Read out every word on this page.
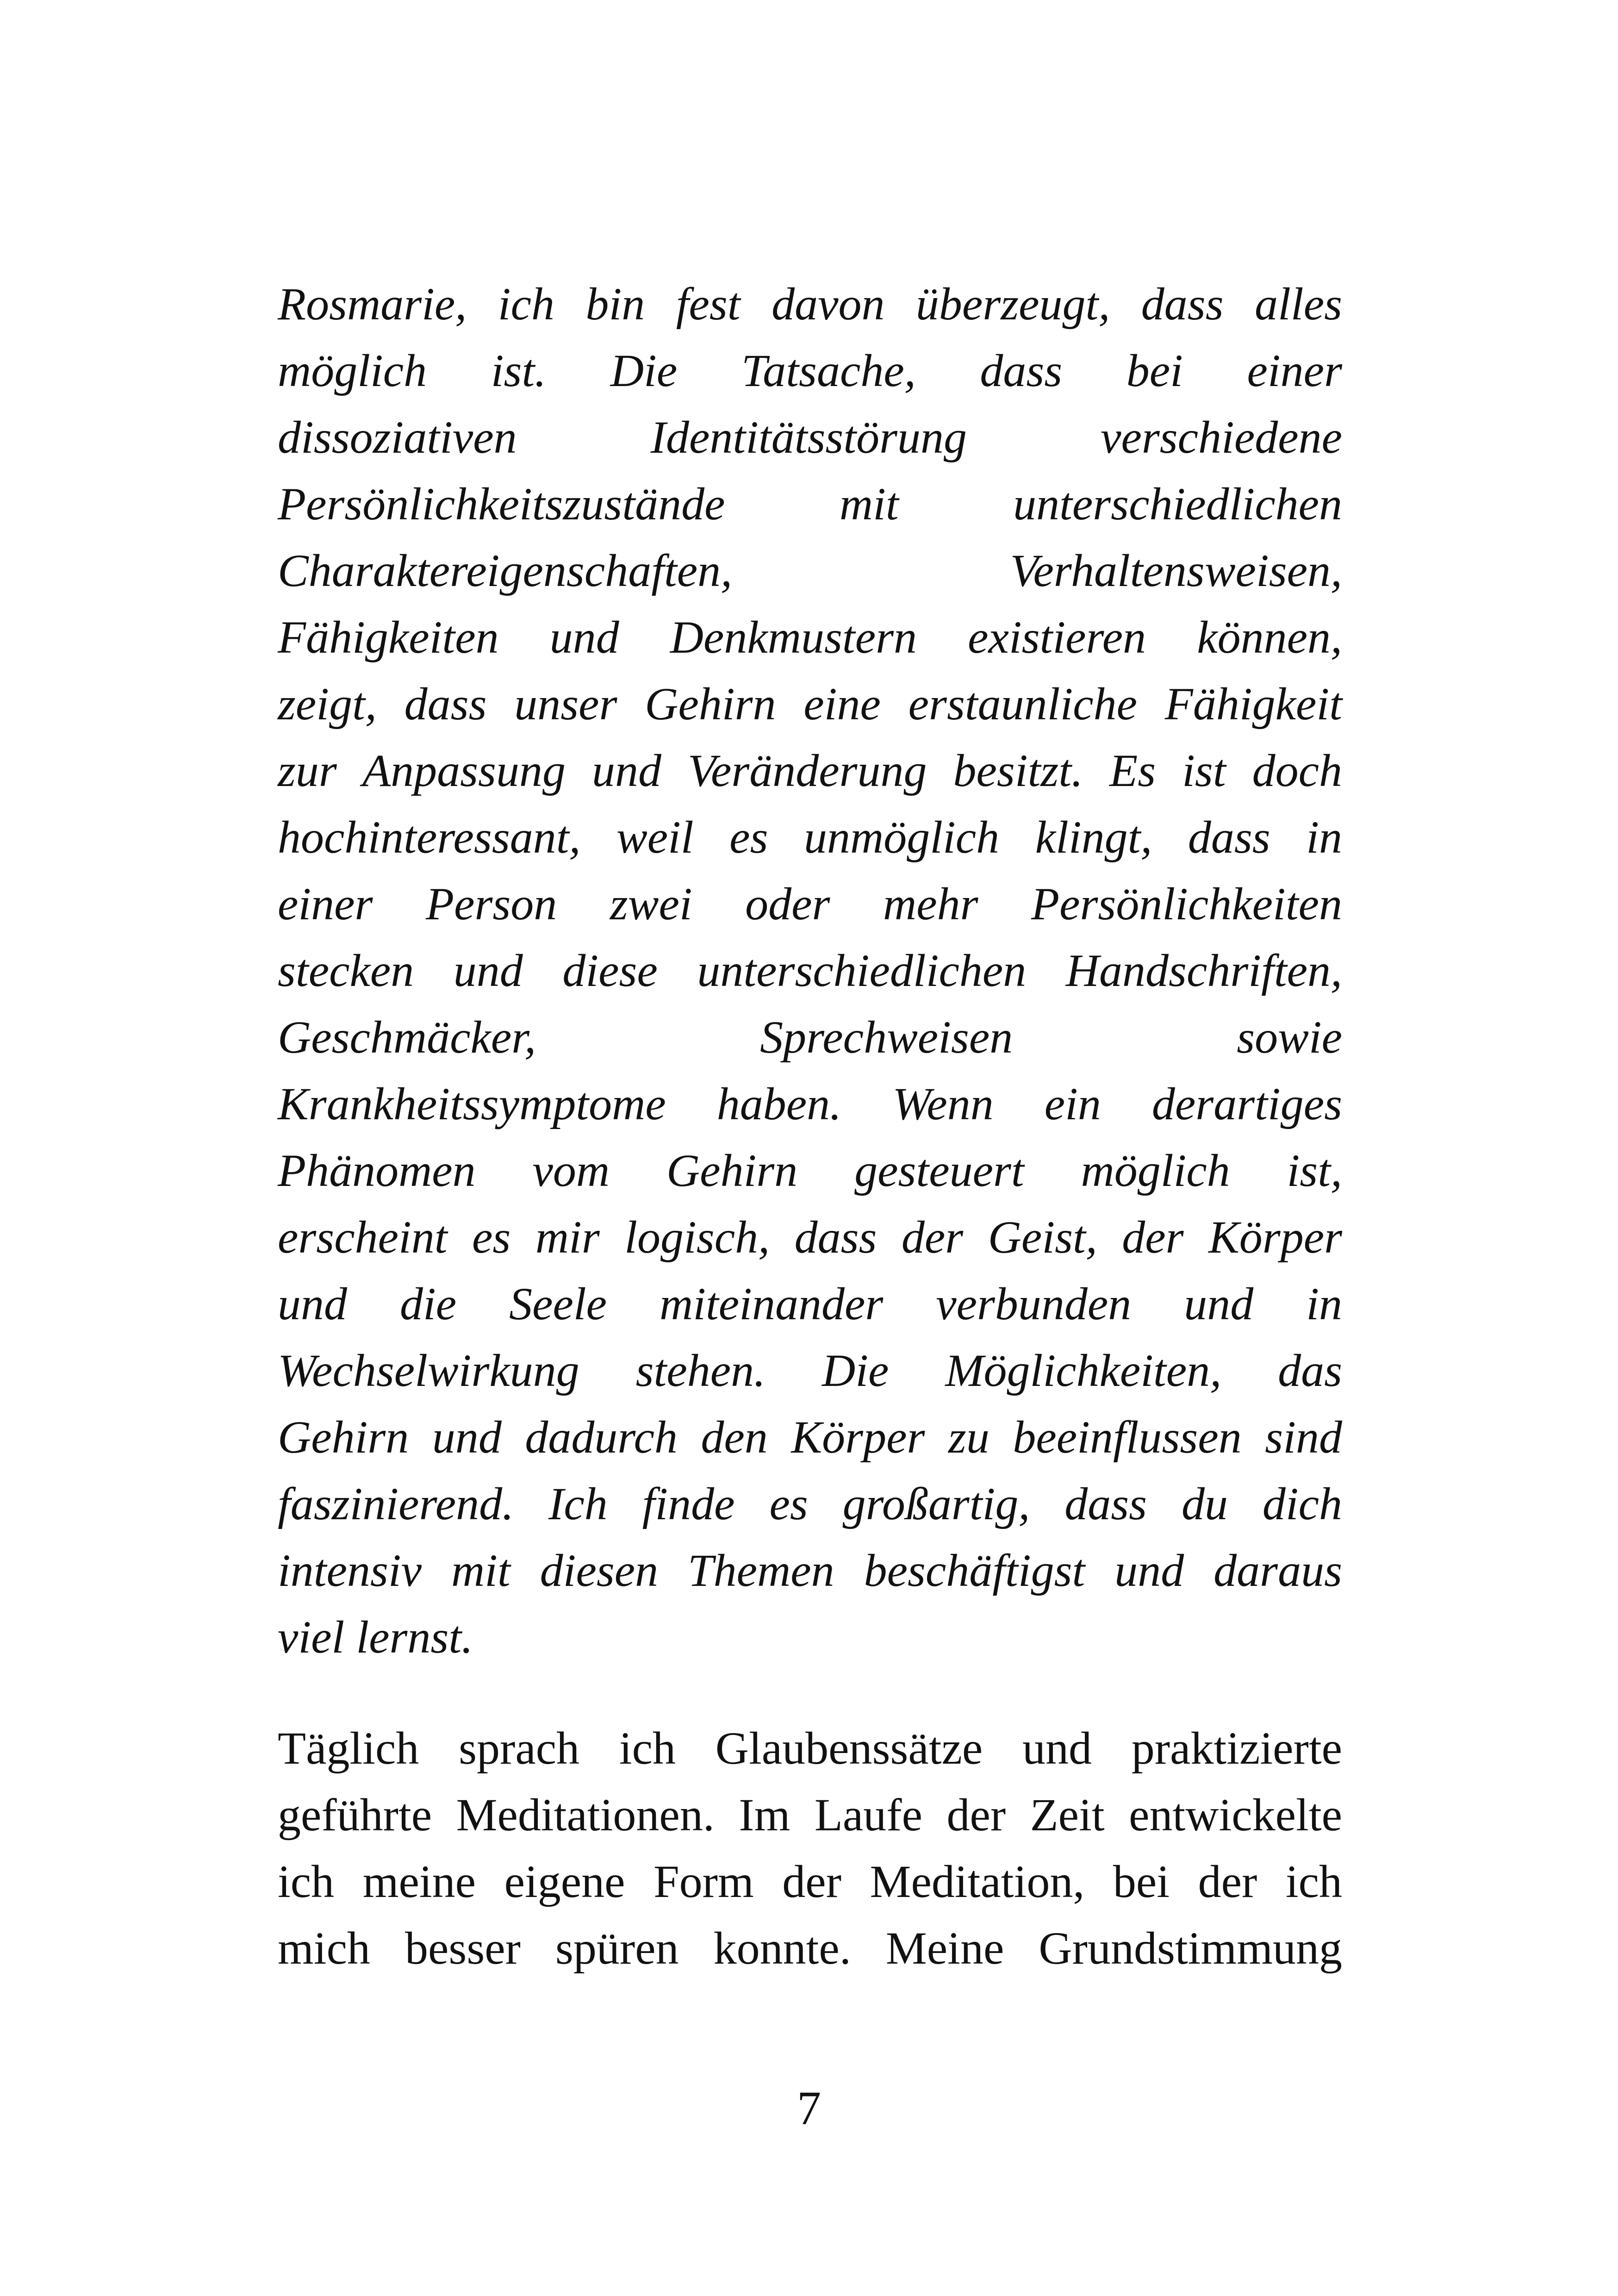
Rosmarie, ich bin fest davon überzeugt, dass alles
möglich ist. Die Tatsache, dass bei einer
dissoziativen Identitätsstörung verschiedene
Persönlichkeitszustände mit unterschiedlichen
Charaktereigenschaften, Verhaltensweisen,
Fähigkeiten und Denkmustern existieren können,
zeigt, dass unser Gehirn eine erstaunliche Fähigkeit
zur Anpassung und Veränderung besitzt. Es ist doch
hochinteressant, weil es unmöglich klingt, dass in
einer Person zwei oder mehr Persönlichkeiten
stecken und diese unterschiedlichen Handschriften,
Geschmäcker, Sprechweisen sowie
Krankheitssymptome haben. Wenn ein derartiges
Phänomen vom Gehirn gesteuert möglich ist,
erscheint es mir logisch, dass der Geist, der Körper
und die Seele miteinander verbunden und in
Wechselwirkung stehen. Die Möglichkeiten, das
Gehirn und dadurch den Körper zu beeinflussen sind
faszinierend. Ich finde es großartig, dass du dich
intensiv mit diesen Themen beschäftigst und daraus
viel lernst.
Täglich sprach ich Glaubenssätze und praktizierte
geführte Meditationen. Im Laufe der Zeit entwickelte
ich meine eigene Form der Meditation, bei der ich
mich besser spüren konnte. Meine Grundstimmung
7
